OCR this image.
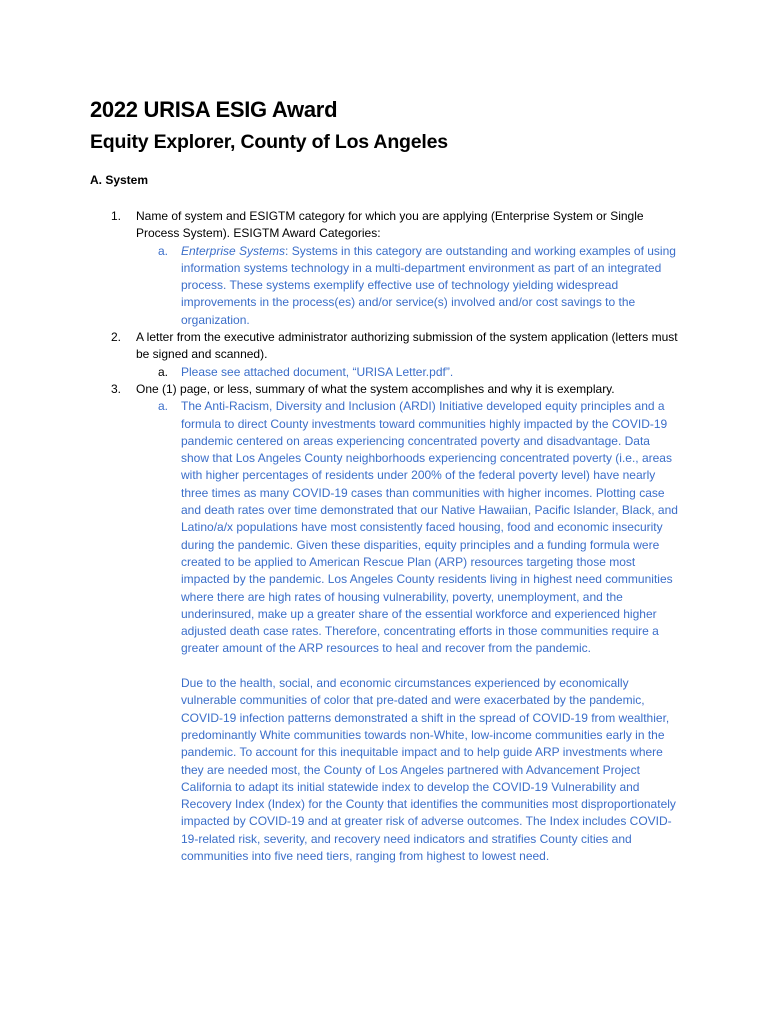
2022 URISA ESIG Award
Equity Explorer, County of Los Angeles
A. System
1. Name of system and ESIGTM category for which you are applying (Enterprise System or Single Process System). ESIGTM Award Categories:

a. Enterprise Systems: Systems in this category are outstanding and working examples of using information systems technology in a multi-department environment as part of an integrated process. These systems exemplify effective use of technology yielding widespread improvements in the process(es) and/or service(s) involved and/or cost savings to the organization.

2. A letter from the executive administrator authorizing submission of the system application (letters must be signed and scanned).

a. Please see attached document, “URISA Letter.pdf”.

3. One (1) page, or less, summary of what the system accomplishes and why it is exemplary.

a. The Anti-Racism, Diversity and Inclusion (ARDI) Initiative developed equity principles and a formula to direct County investments toward communities highly impacted by the COVID-19 pandemic centered on areas experiencing concentrated poverty and disadvantage. Data show that Los Angeles County neighborhoods experiencing concentrated poverty (i.e., areas with higher percentages of residents under 200% of the federal poverty level) have nearly three times as many COVID-19 cases than communities with higher incomes. Plotting case and death rates over time demonstrated that our Native Hawaiian, Pacific Islander, Black, and Latino/a/x populations have most consistently faced housing, food and economic insecurity during the pandemic. Given these disparities, equity principles and a funding formula were created to be applied to American Rescue Plan (ARP) resources targeting those most impacted by the pandemic. Los Angeles County residents living in highest need communities where there are high rates of housing vulnerability, poverty, unemployment, and the underinsured, make up a greater share of the essential workforce and experienced higher adjusted death case rates. Therefore, concentrating efforts in those communities require a greater amount of the ARP resources to heal and recover from the pandemic.

Due to the health, social, and economic circumstances experienced by economically vulnerable communities of color that pre-dated and were exacerbated by the pandemic, COVID-19 infection patterns demonstrated a shift in the spread of COVID-19 from wealthier, predominantly White communities towards non-White, low-income communities early in the pandemic. To account for this inequitable impact and to help guide ARP investments where they are needed most, the County of Los Angeles partnered with Advancement Project California to adapt its initial statewide index to develop the COVID-19 Vulnerability and Recovery Index (Index) for the County that identifies the communities most disproportionately impacted by COVID-19 and at greater risk of adverse outcomes. The Index includes COVID-19-related risk, severity, and recovery need indicators and stratifies County cities and communities into five need tiers, ranging from highest to lowest need.
